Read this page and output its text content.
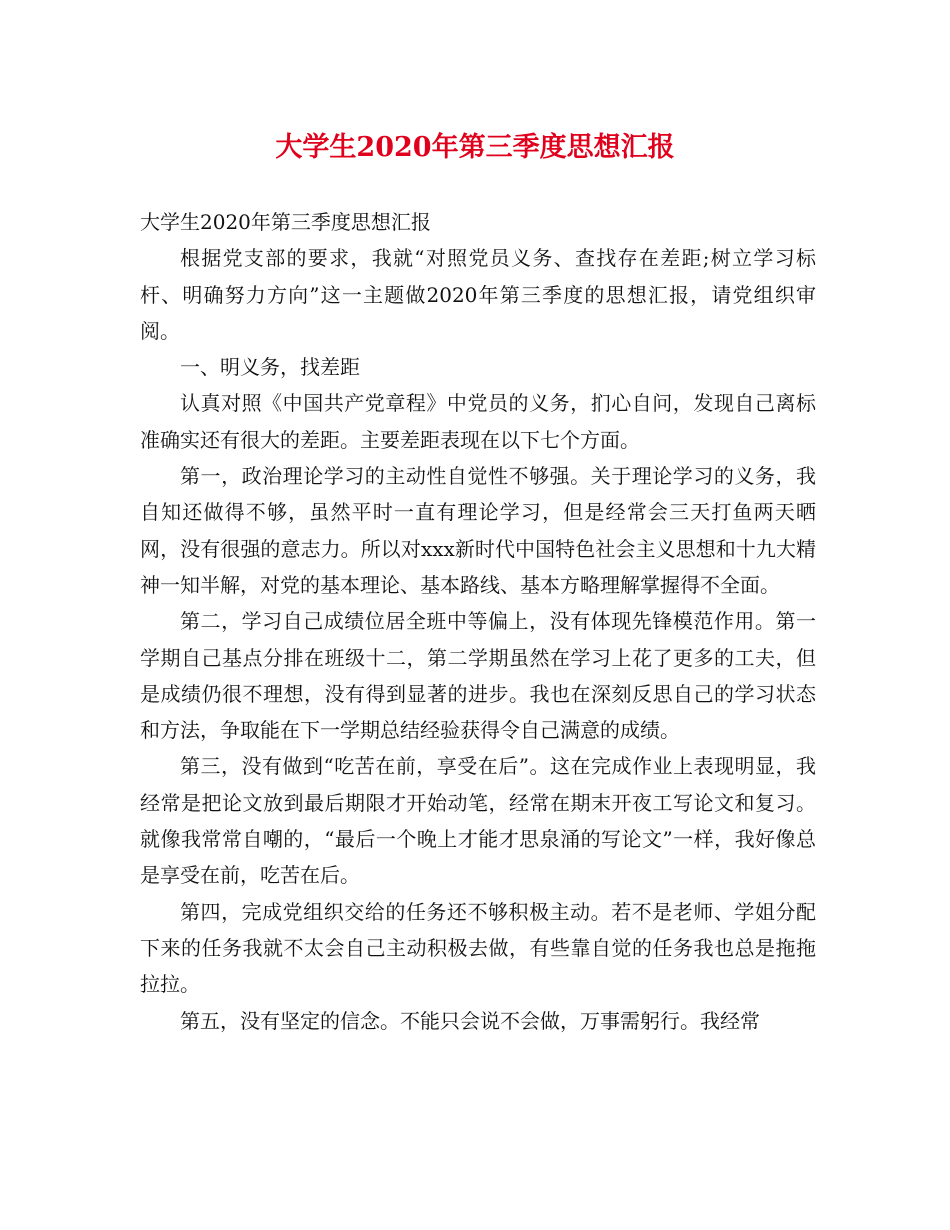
大学生2020年第三季度思想汇报

大学生2020年第三季度思想汇报

根据党支部的要求，我就“对照党员义务、查找存在差距;树立学习标杆、明确努力方向”这一主题做2020年第三季度的思想汇报，请党组织审阅。

一、明义务，找差距

认真对照《中国共产党章程》中党员的义务，扪心自问，发现自己离标准确实还有很大的差距。主要差距表现在以下七个方面。

第一，政治理论学习的主动性自觉性不够强。关于理论学习的义务，我自知还做得不够，虽然平时一直有理论学习，但是经常会三天打鱼两天晒网，没有很强的意志力。所以对xxx新时代中国特色社会主义思想和十九大精神一知半解，对党的基本理论、基本路线、基本方略理解掌握得不全面。

第二，学习自己成绩位居全班中等偏上，没有体现先锋模范作用。第一学期自己基点分排在班级十二，第二学期虽然在学习上花了更多的工夫，但是成绩仍很不理想，没有得到显著的进步。我也在深刻反思自己的学习状态和方法，争取能在下一学期总结经验获得令自己满意的成绩。

第三，没有做到“吃苦在前，享受在后”。这在完成作业上表现明显，我经常是把论文放到最后期限才开始动笔，经常在期末开夜工写论文和复习。就像我常常自嘲的，“最后一个晚上才能才思泉涌的写论文”一样，我好像总是享受在前，吃苦在后。

第四，完成党组织交给的任务还不够积极主动。若不是老师、学姐分配下来的任务我就不太会自己主动积极去做，有些靠自觉的任务我也总是拖拖拉拉。

第五，没有坚定的信念。不能只会说不会做，万事需躬行。我经常
